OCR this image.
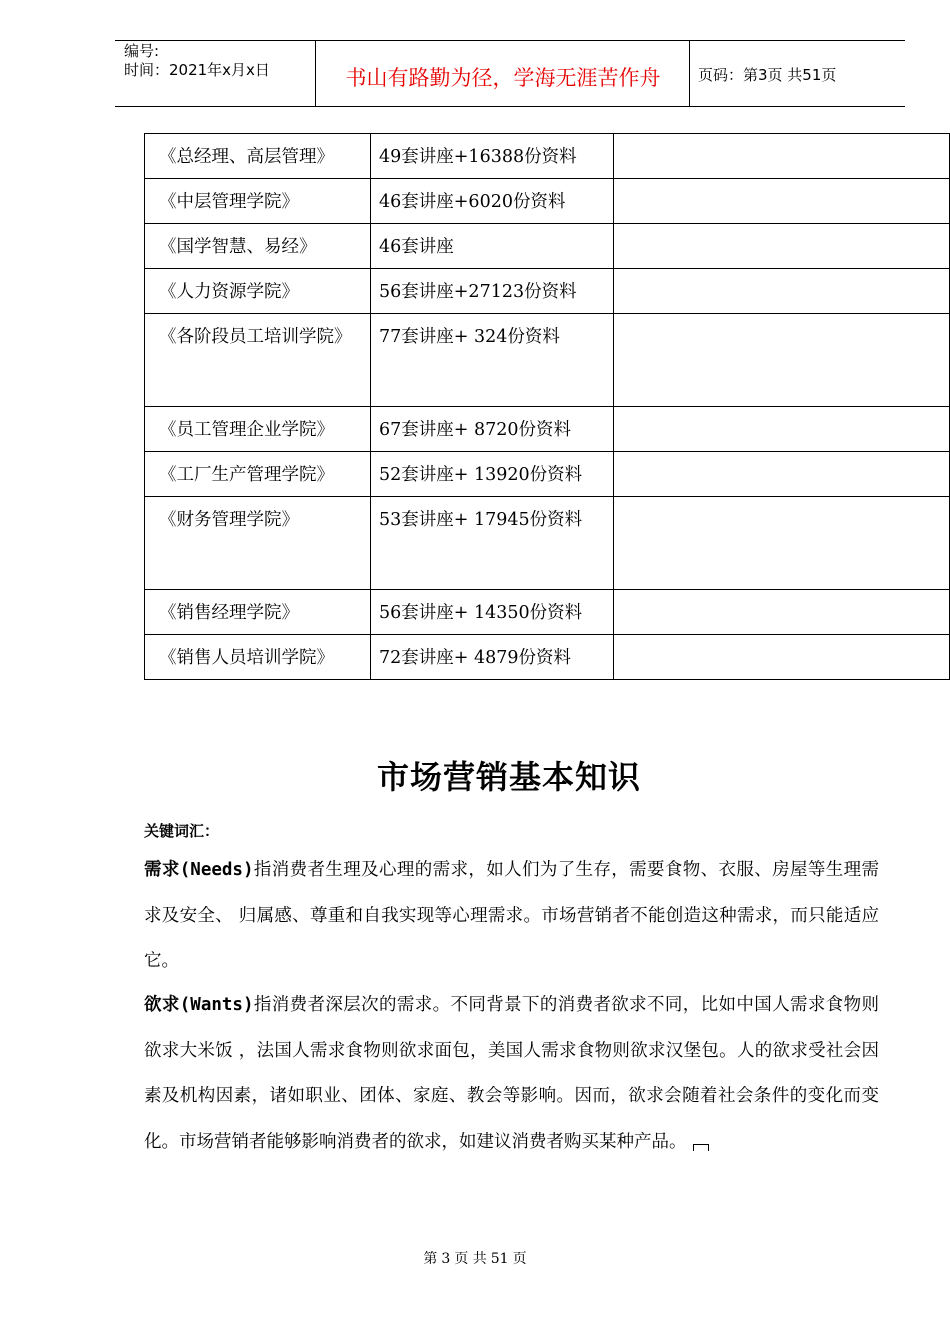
编号:
时间：2021年x月x日	书山有路勤为径，学海无涯苦作舟	页码：第3页 共51页
《总经理、高层管理》	49套讲座+16388份资料	
《中层管理学院》	46套讲座+6020份资料	
《国学智慧、易经》	46套讲座	
《人力资源学院》	56套讲座+27123份资料	
《各阶段员工培训学院》	77套讲座+ 324份资料	
《员工管理企业学院》	67套讲座+ 8720份资料	
《工厂生产管理学院》	52套讲座+ 13920份资料	
《财务管理学院》	53套讲座+ 17945份资料	
《销售经理学院》	56套讲座+ 14350份资料	
《销售人员培训学院》	72套讲座+ 4879份资料	
市场营销基本知识
关键词汇：

需求(Needs)指消费者生理及心理的需求，如人们为了生存，需要食物、衣服、房屋等生理需求及安全、 归属感、尊重和自我实现等心理需求。市场营销者不能创造这种需求，而只能适应它。

欲求(Wants)指消费者深层次的需求。不同背景下的消费者欲求不同，比如中国人需求食物则欲求大米饭 ，法国人需求食物则欲求面包，美国人需求食物则欲求汉堡包。人的欲求受社会因素及机构因素，诸如职业、团体、家庭、教会等影响。因而，欲求会随着社会条件的变化而变化。市场营销者能够影响消费者的欲求，如建议消费者购买某种产品。

第 3 页 共 51 页
